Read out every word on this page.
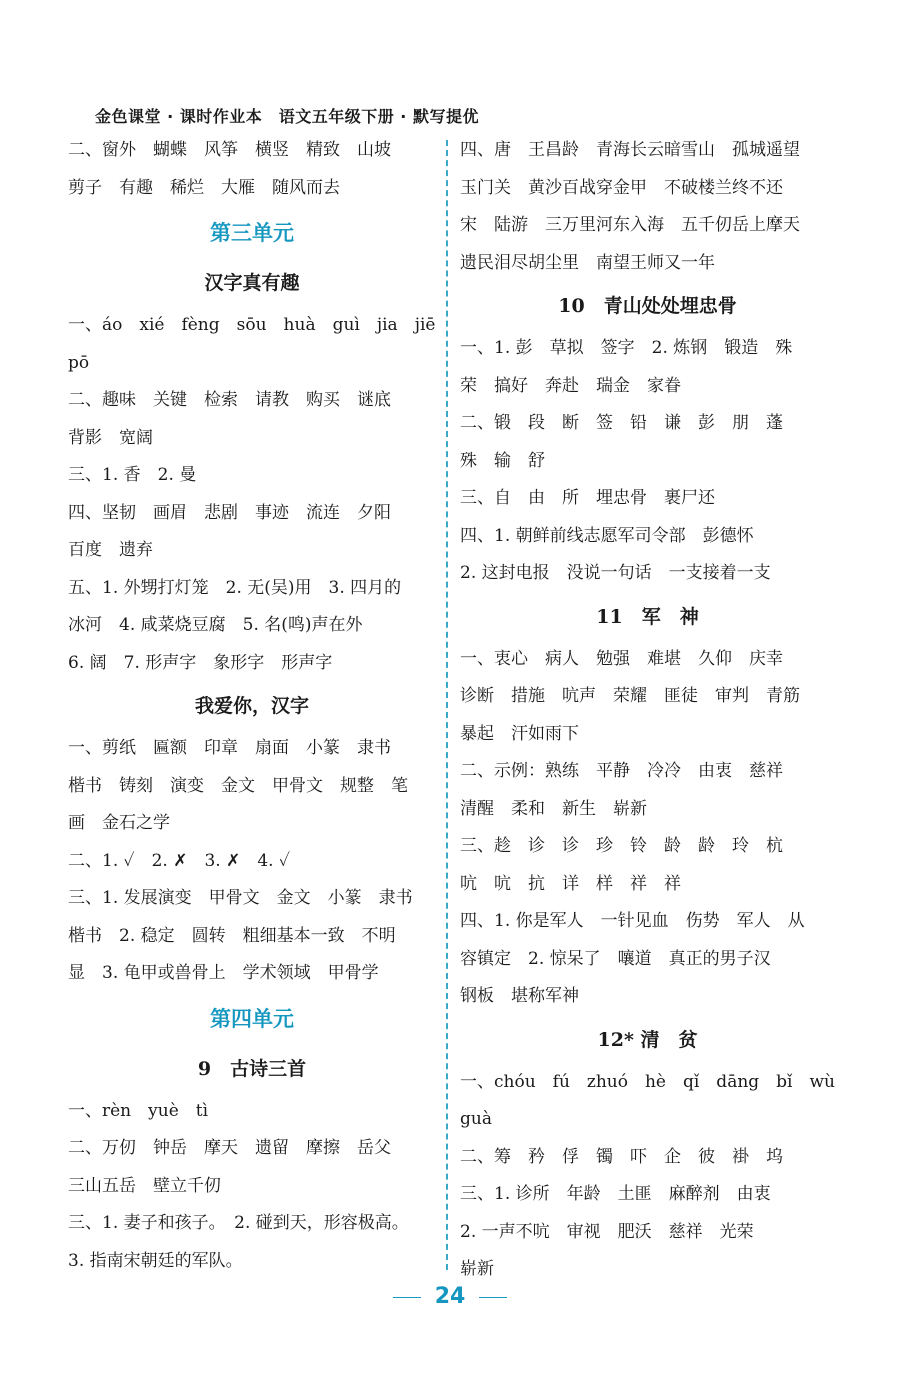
金色课堂 · 课时作业本　语文五年级下册 · 默写提优
二、窗外　蝴蝶　风筝　横竖　精致　山坡
剪子　有趣　稀烂　大雁　随风而去
第三单元
汉字真有趣
一、áo　xié　fèng　sōu　huà　guì　jia　jiē
pō
二、趣味　关键　检索　请教　购买　谜底
背影　宽阔
三、1. 香　2. 曼
四、坚韧　画眉　悲剧　事迹　流连　夕阳
百度　遗弃
五、1. 外甥打灯笼　2. 无(吴)用　3. 四月的
冰河　4. 咸菜烧豆腐　5. 名(鸣)声在外
6. 阔　7. 形声字　象形字　形声字
我爱你，汉字
一、剪纸　匾额　印章　扇面　小篆　隶书
楷书　铸刻　演变　金文　甲骨文　规整　笔
画　金石之学
二、1. ✓　2. ✗　3. ✗　4. ✓
三、1. 发展演变　甲骨文　金文　小篆　隶书
楷书　2. 稳定　圆转　粗细基本一致　不明
显　3. 龟甲或兽骨上　学术领域　甲骨学
第四单元
9　古诗三首
一、rèn　yuè　tì
二、万仞　钟岳　摩天　遗留　摩擦　岳父
三山五岳　壁立千仞
三、1. 妻子和孩子。　2. 碰到天，形容极高。
3. 指南宋朝廷的军队。
四、唐　王昌龄　青海长云暗雪山　孤城遥望
玉门关　黄沙百战穿金甲　不破楼兰终不还
宋　陆游　三万里河东入海　五千仞岳上摩天
遗民泪尽胡尘里　南望王师又一年
10　青山处处埋忠骨
一、1. 彭　草拟　签字　2. 炼钢　锻造　殊
荣　搞好　奔赴　瑞金　家眷
二、锻　段　断　签　铅　谦　彭　朋　蓬
殊　输　舒
三、自　由　所　埋忠骨　裹尸还
四、1. 朝鲜前线志愿军司令部　彭德怀
2. 这封电报　没说一句话　一支接着一支
11　军　神
一、衷心　病人　勉强　难堪　久仰　庆幸
诊断　措施　吭声　荣耀　匪徒　审判　青筋
暴起　汗如雨下
二、示例：熟练　平静　冷冷　由衷　慈祥
清醒　柔和　新生　崭新
三、趁　诊　诊　珍　铃　龄　龄　玲　杭
吭　吭　抗　详　样　祥　祥
四、1. 你是军人　一针见血　伤势　军人　从
容镇定　2. 惊呆了　嚷道　真正的男子汉
钢板　堪称军神
12* 清　贫
一、chóu　fú　zhuó　hè　qǐ　dāng　bǐ　wù
guà
二、筹　矜　俘　镯　吓　企　彼　褂　坞
三、1. 诊所　年龄　土匪　麻醉剂　由衷
2. 一声不吭　审视　肥沃　慈祥　光荣
崭新
24
